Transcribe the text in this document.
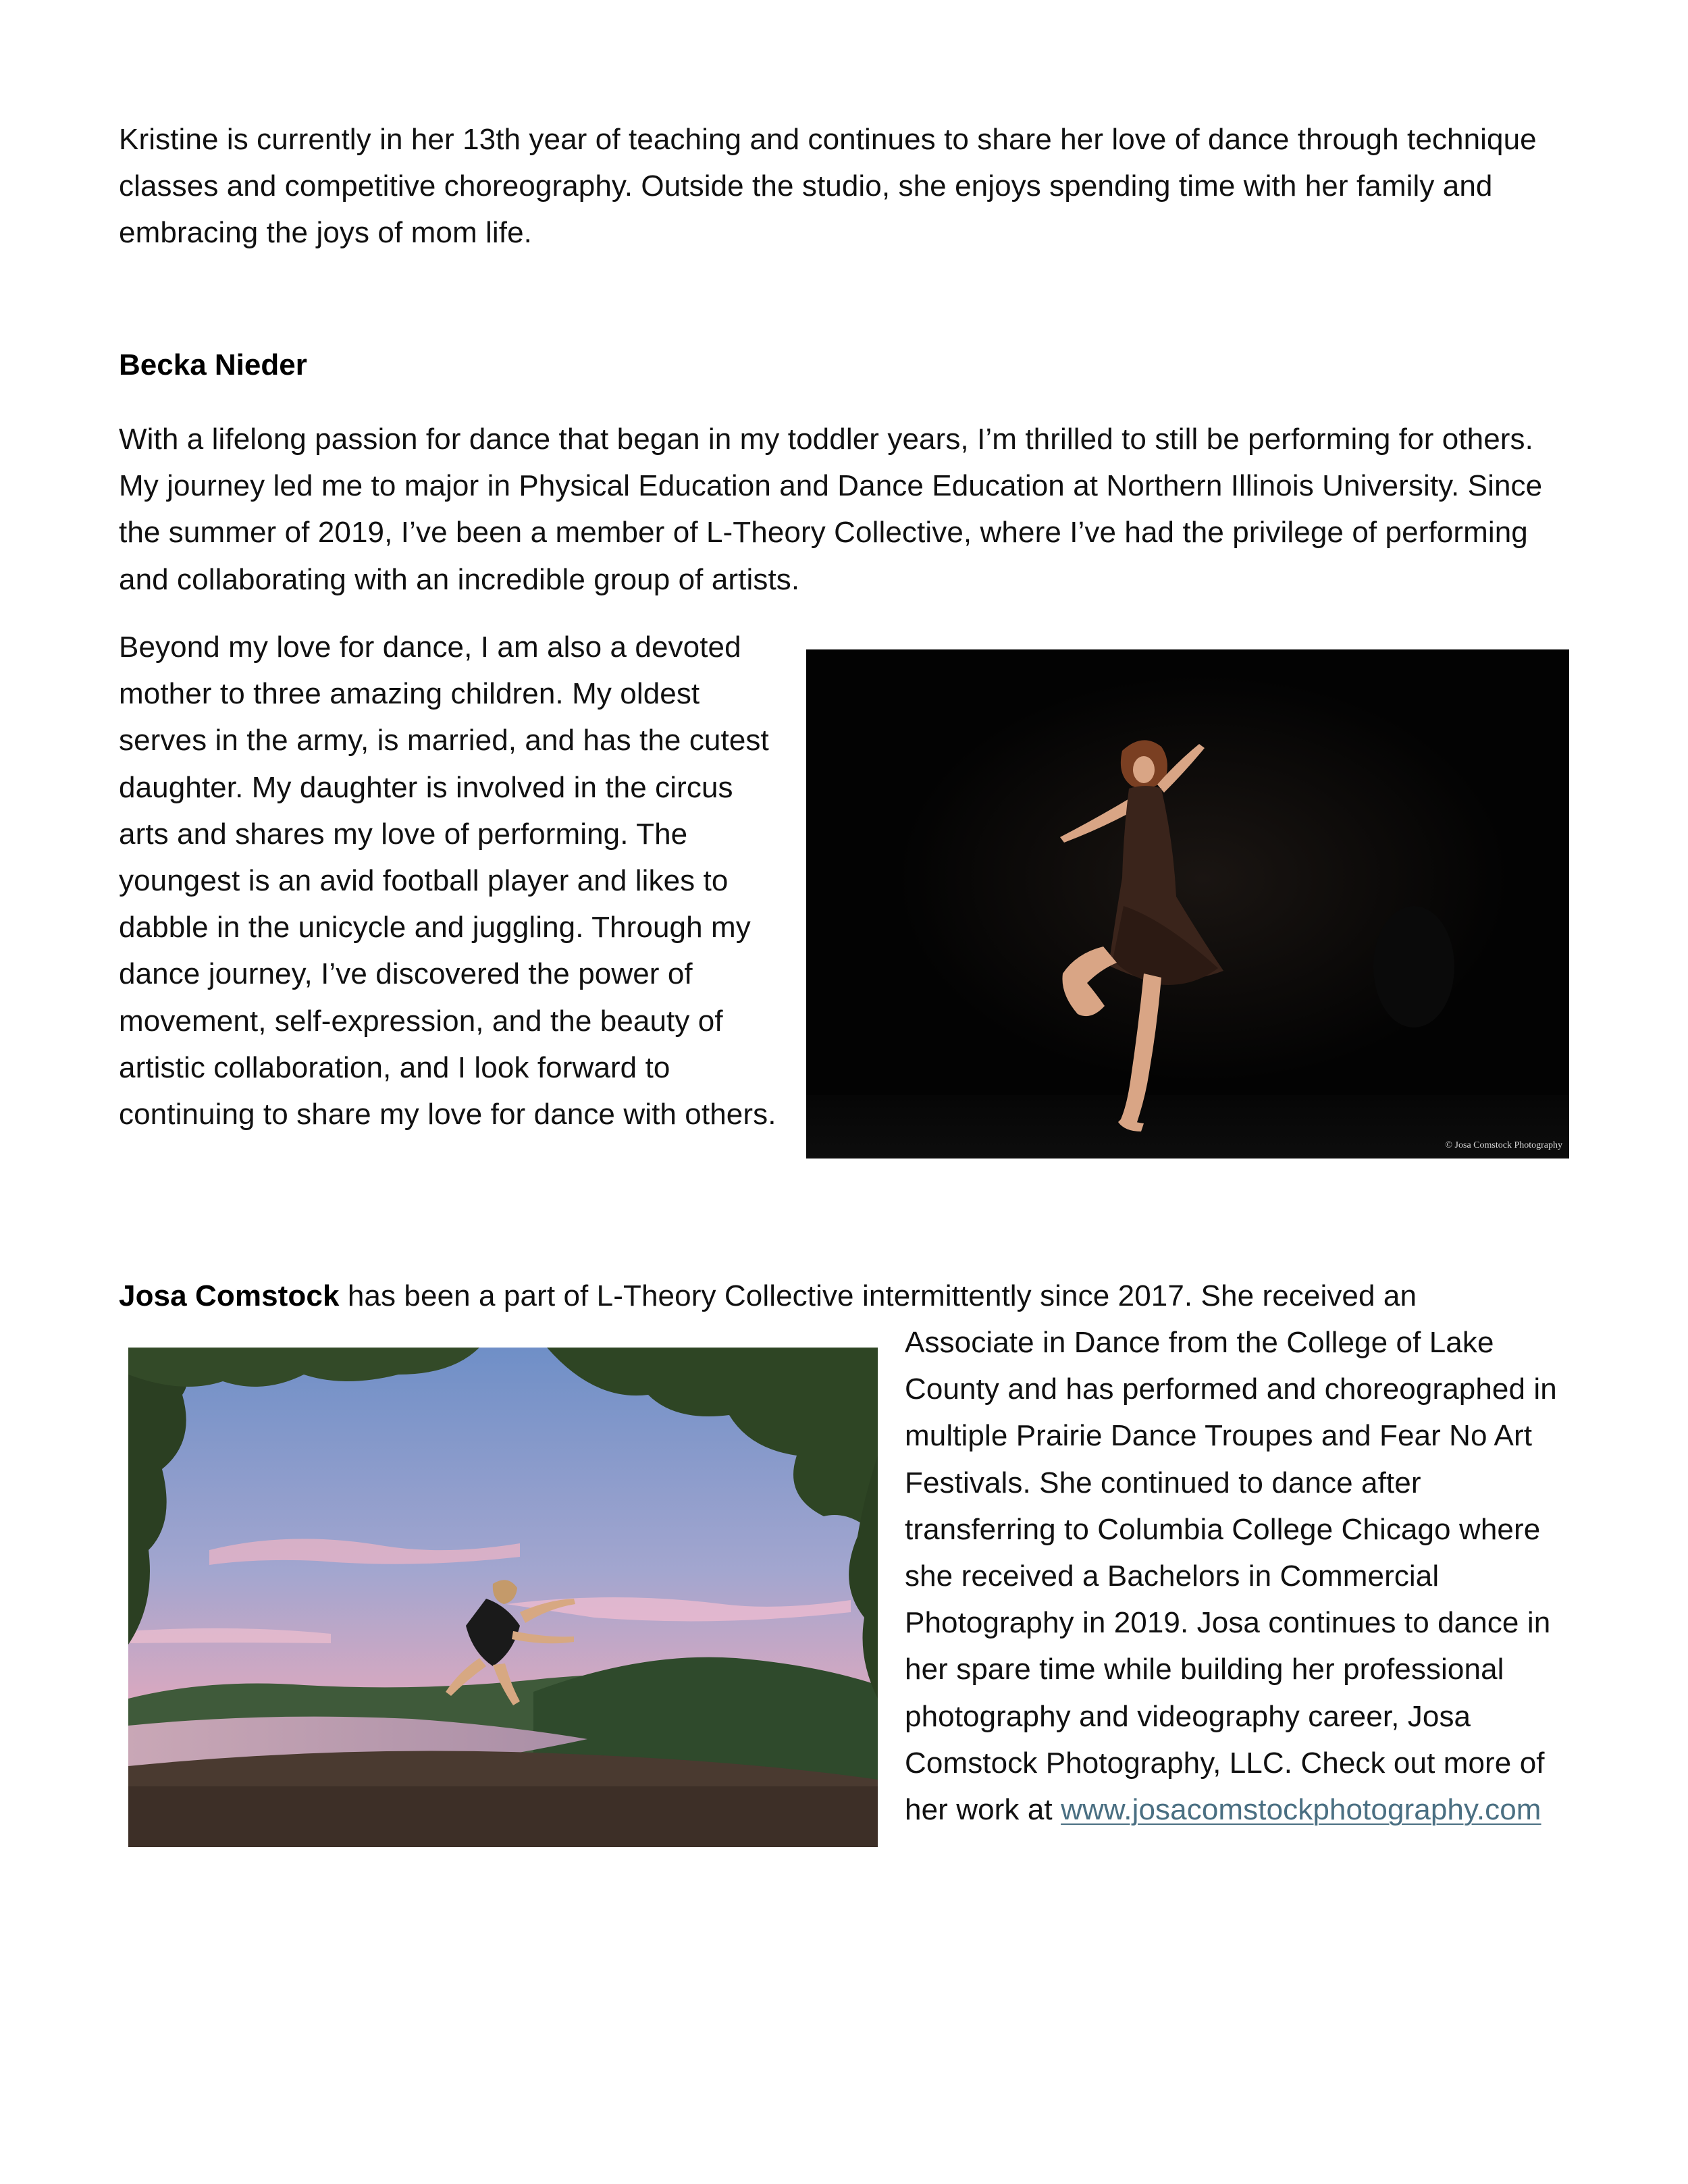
Kristine is currently in her 13th year of teaching and continues to share her love of dance through technique classes and competitive choreography. Outside the studio, she enjoys spending time with her family and embracing the joys of mom life.

Becka Nieder

With a lifelong passion for dance that began in my toddler years, I’m thrilled to still be performing for others. My journey led me to major in Physical Education and Dance Education at Northern Illinois University. Since the summer of 2019, I’ve been a member of L-Theory Collective, where I’ve had the privilege of performing and collaborating with an incredible group of artists.

Beyond my love for dance, I am also a devoted mother to three amazing children. My oldest serves in the army, is married, and has the cutest daughter. My daughter is involved in the circus arts and shares my love of performing. The youngest is an avid football player and likes to dabble in the unicycle and juggling. Through my dance journey, I’ve discovered the power of movement, self-expression, and the beauty of artistic collaboration, and I look forward to continuing to share my love for dance with others.

© Josa Comstock Photography

Josa Comstock has been a part of L-Theory Collective intermittently since 2017. She received an

Associate in Dance from the College of Lake County and has performed and choreographed in multiple Prairie Dance Troupes and Fear No Art Festivals. She continued to dance after transferring to Columbia College Chicago where she received a Bachelors in Commercial Photography in 2019. Josa continues to dance in her spare time while building her professional photography and videography career, Josa Comstock Photography, LLC. Check out more of her work at www.josacomstockphotography.com
